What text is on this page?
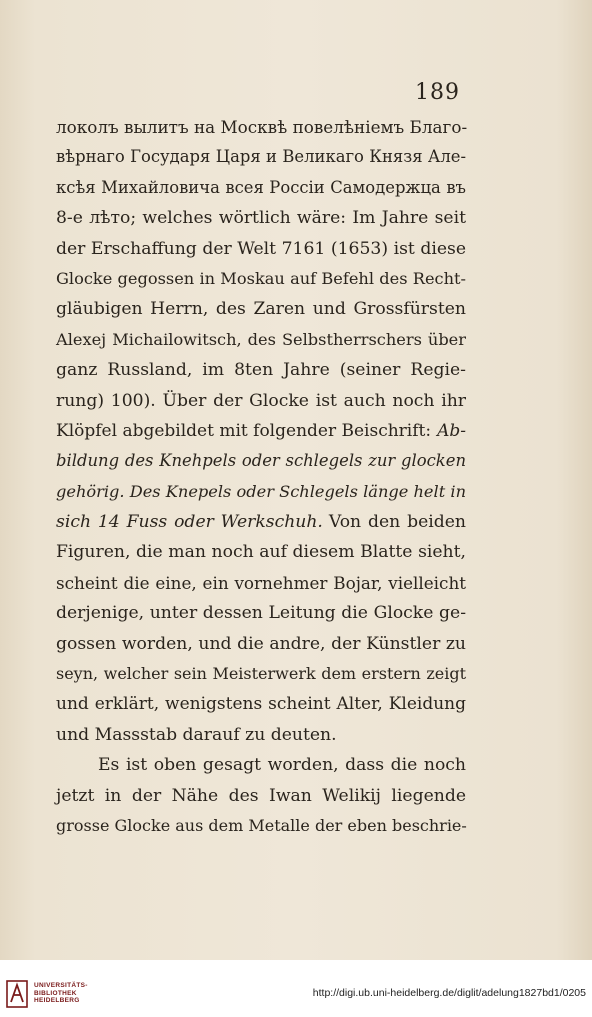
189
локолъ вылитъ на Москвѣ повелѣніемъ Благо-
вѣрнаго Государя Царя и Великаго Князя Але-
ксѣя Михайловича всея Россіи Самодержца въ
8-е лѣто; welches wörtlich wäre: Im Jahre seit
der Erschaffung der Welt 7161 (1653) ist diese
Glocke gegossen in Moskau auf Befehl des Recht-
gläubigen Herrn, des Zaren und Grossfürsten
Alexej Michailowitsch, des Selbstherrschers über
ganz Russland, im 8ten Jahre (seiner Regie-
rung) 100). Über der Glocke ist auch noch ihr
Klöpfel abgebildet mit folgender Beischrift: Ab-
bildung des Knehpels oder schlegels zur glocken
gehörig. Des Knepels oder Schlegels länge helt in
sich 14 Fuss oder Werkschuh. Von den beiden
Figuren, die man noch auf diesem Blatte sieht,
scheint die eine, ein vornehmer Bojar, vielleicht
derjenige, unter dessen Leitung die Glocke ge-
gossen worden, und die andre, der Künstler zu
seyn, welcher sein Meisterwerk dem erstern zeigt
und erklärt, wenigstens scheint Alter, Kleidung
und Massstab darauf zu deuten.
Es ist oben gesagt worden, dass die noch
jetzt in der Nähe des Iwan Welikij liegende
grosse Glocke aus dem Metalle der eben beschrie-
UNIVERSITÄTS-
BIBLIOTHEK
HEIDELBERG
http://digi.ub.uni-heidelberg.de/diglit/adelung1827bd1/0205
